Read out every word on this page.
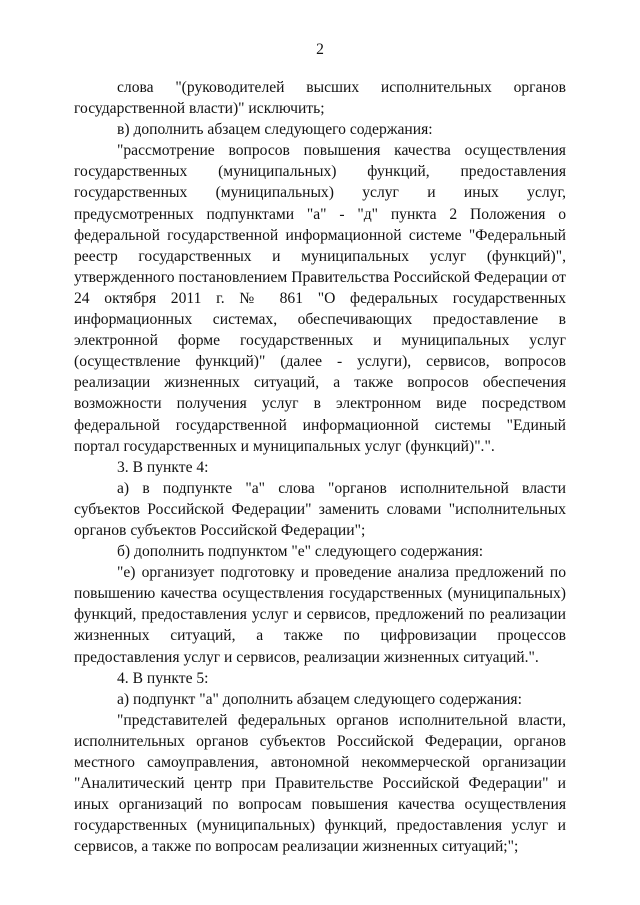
2

слова "(руководителей высших исполнительных органов государственной власти)" исключить;

в) дополнить абзацем следующего содержания:

"рассмотрение вопросов повышения качества осуществления государственных (муниципальных) функций, предоставления государственных (муниципальных) услуг и иных услуг, предусмотренных подпунктами "а" - "д" пункта 2 Положения о федеральной государственной информационной системе "Федеральный реестр государственных и муниципальных услуг (функций)", утвержденного постановлением Правительства Российской Федерации от 24 октября 2011 г. № 861 "О федеральных государственных информационных системах, обеспечивающих предоставление в электронной форме государственных и муниципальных услуг (осуществление функций)" (далее - услуги), сервисов, вопросов реализации жизненных ситуаций, а также вопросов обеспечения возможности получения услуг в электронном виде посредством федеральной государственной информационной системы "Единый портал государственных и муниципальных услуг (функций)".".

3. В пункте 4:

а) в подпункте "а" слова "органов исполнительной власти субъектов Российской Федерации" заменить словами "исполнительных органов субъектов Российской Федерации";

б) дополнить подпунктом "е" следующего содержания:

"е) организует подготовку и проведение анализа предложений по повышению качества осуществления государственных (муниципальных) функций, предоставления услуг и сервисов, предложений по реализации жизненных ситуаций, а также по цифровизации процессов предоставления услуг и сервисов, реализации жизненных ситуаций.".

4. В пункте 5:

а) подпункт "а" дополнить абзацем следующего содержания:

"представителей федеральных органов исполнительной власти, исполнительных органов субъектов Российской Федерации, органов местного самоуправления, автономной некоммерческой организации "Аналитический центр при Правительстве Российской Федерации" и иных организаций по вопросам повышения качества осуществления государственных (муниципальных) функций, предоставления услуг и сервисов, а также по вопросам реализации жизненных ситуаций;";
